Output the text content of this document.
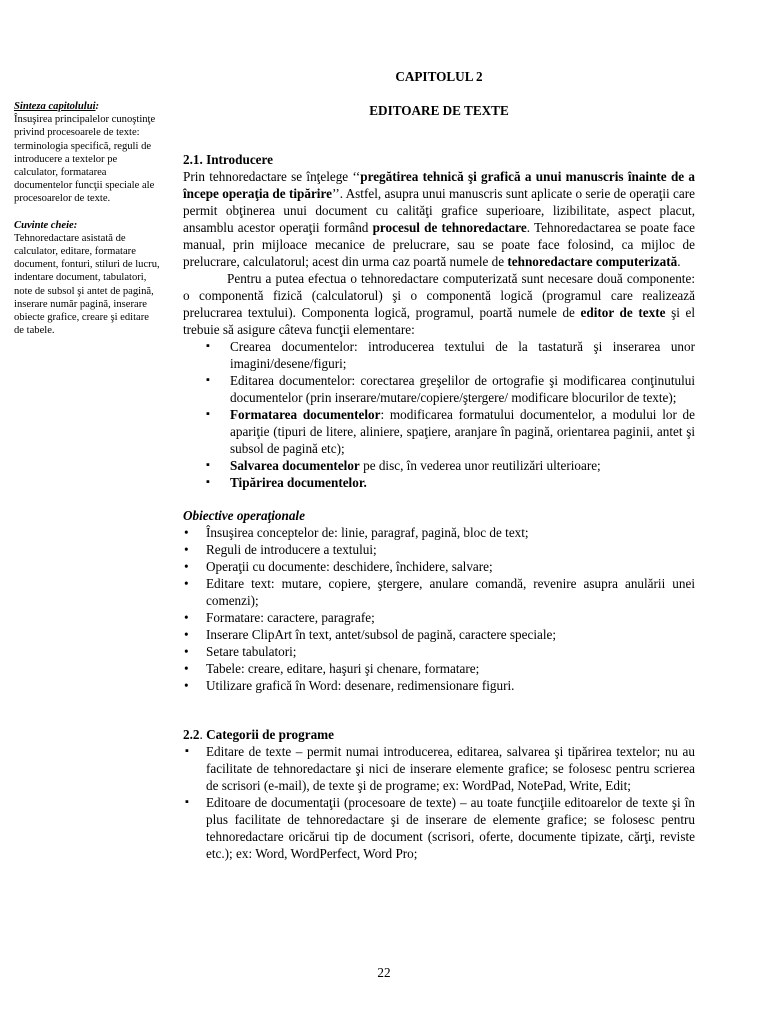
Sinteza capitolului:

Însuşirea principalelor cunoştinţe privind procesoarele de texte: terminologia specifică, reguli de introducere a textelor pe calculator, formatarea documentelor funcţii speciale ale procesoarelor de texte.

Cuvinte cheie:

Tehnoredactare asistată de calculator, editare, formatare document, fonturi, stiluri de lucru, indentare document, tabulatori, note de subsol şi antet de pagină, inserare număr pagină, inserare obiecte grafice, creare şi editare de tabele.

CAPITOLUL 2

EDITOARE DE TEXTE

2.1. Introducere

Prin tehnoredactare se înţelege ‘‘pregătirea tehnică şi grafică a unui manuscris înainte de a începe operaţia de tipărire’’. Astfel, asupra unui manuscris sunt aplicate o serie de operaţii care permit obţinerea unui document cu calităţi grafice superioare, lizibilitate, aspect placut, ansamblu acestor operaţii formând procesul de tehnoredactare. Tehnoredactarea se poate face manual, prin mijloace mecanice de prelucrare, sau se poate face folosind, ca mijloc de prelucrare, calculatorul; acest din urma caz poartă numele de tehnoredactare computerizată.

Pentru a putea efectua o tehnoredactare computerizată sunt necesare două componente: o componentă fizică (calculatorul) şi o componentă logică (programul care realizează prelucrarea textului). Componenta logică, programul, poartă numele de editor de texte şi el trebuie să asigure câteva funcţii elementare:

▪ Crearea documentelor: introducerea textului de la tastatură şi inserarea unor imagini/desene/figuri;
▪ Editarea documentelor: corectarea greşelilor de ortografie şi modificarea conţinutului documentelor (prin inserare/mutare/copiere/ştergere/ modificare blocurilor de texte);
▪ Formatarea documentelor: modificarea formatului documentelor, a modului lor de apariţie (tipuri de litere, aliniere, spaţiere, aranjare în pagină, orientarea paginii, antet şi subsol de pagină etc);
▪ Salvarea documentelor pe disc, în vederea unor reutilizări ulterioare;
▪ Tipărirea documentelor.

Obiective operaţionale

• Însuşirea conceptelor de: linie, paragraf, pagină, bloc de text;
• Reguli de introducere a textului;
• Operaţii cu documente: deschidere, închidere, salvare;
• Editare text: mutare, copiere, ştergere, anulare comandă, revenire asupra anulării unei comenzi);
• Formatare: caractere, paragrafe;
• Inserare ClipArt în text, antet/subsol de pagină, caractere speciale;
• Setare tabulatori;
• Tabele: creare, editare, haşuri şi chenare, formatare;
• Utilizare grafică în Word: desenare, redimensionare figuri.
2.2. Categorii de programe
▪ Editare de texte – permit numai introducerea, editarea, salvarea şi tipărirea textelor; nu au facilitate de tehnoredactare şi nici de inserare elemente grafice; se folosesc pentru scrierea de scrisori (e-mail), de texte şi de programe; ex: WordPad, NotePad, Write, Edit;
▪ Editoare de documentaţii (procesoare de texte) – au toate funcţiile editoarelor de texte şi în plus facilitate de tehnoredactare şi de inserare de elemente grafice; se folosesc pentru tehnoredactare oricărui tip de document (scrisori, oferte, documente tipizate, cărţi, reviste etc.); ex: Word, WordPerfect, Word Pro;
22
